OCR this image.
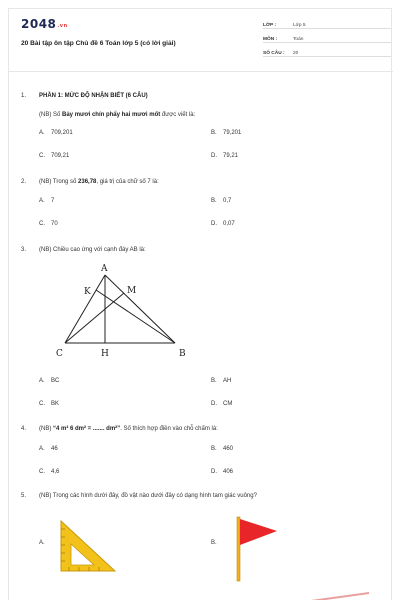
2048.vn
20 Bài tập ôn tập Chủ đề 6 Toán lớp 5 (có lời giải)
LỚP :	Lớp 5
MÔN :	Toán
SỐ CÂU :	20
1.	PHẦN 1: MỨC ĐỘ NHẬN BIẾT (6 CÂU)
(NB) Số Bảy mươi chín phẩy hai mươi mốt được viết là:
A. 709,201	B. 79,201
C. 709,21	D. 79,21
2.	(NB) Trong số 236,78, giá trị của chữ số 7 là:
A. 7	B. 0,7
C. 70	D. 0,07
3.	(NB) Chiều cao ứng với cạnh đáy AB là:
A
K	M
C	H	B
A. BC	B. AH
C. BK	D. CM
4.	(NB) “4 m² 6 dm² = ....... dm²”. Số thích hợp điền vào chỗ chấm là:
A. 46	B. 460
C. 4,6	D. 406
5.	(NB) Trong các hình dưới đây, đồ vật nào dưới đây có dạng hình tam giác vuông?
A.	B.
